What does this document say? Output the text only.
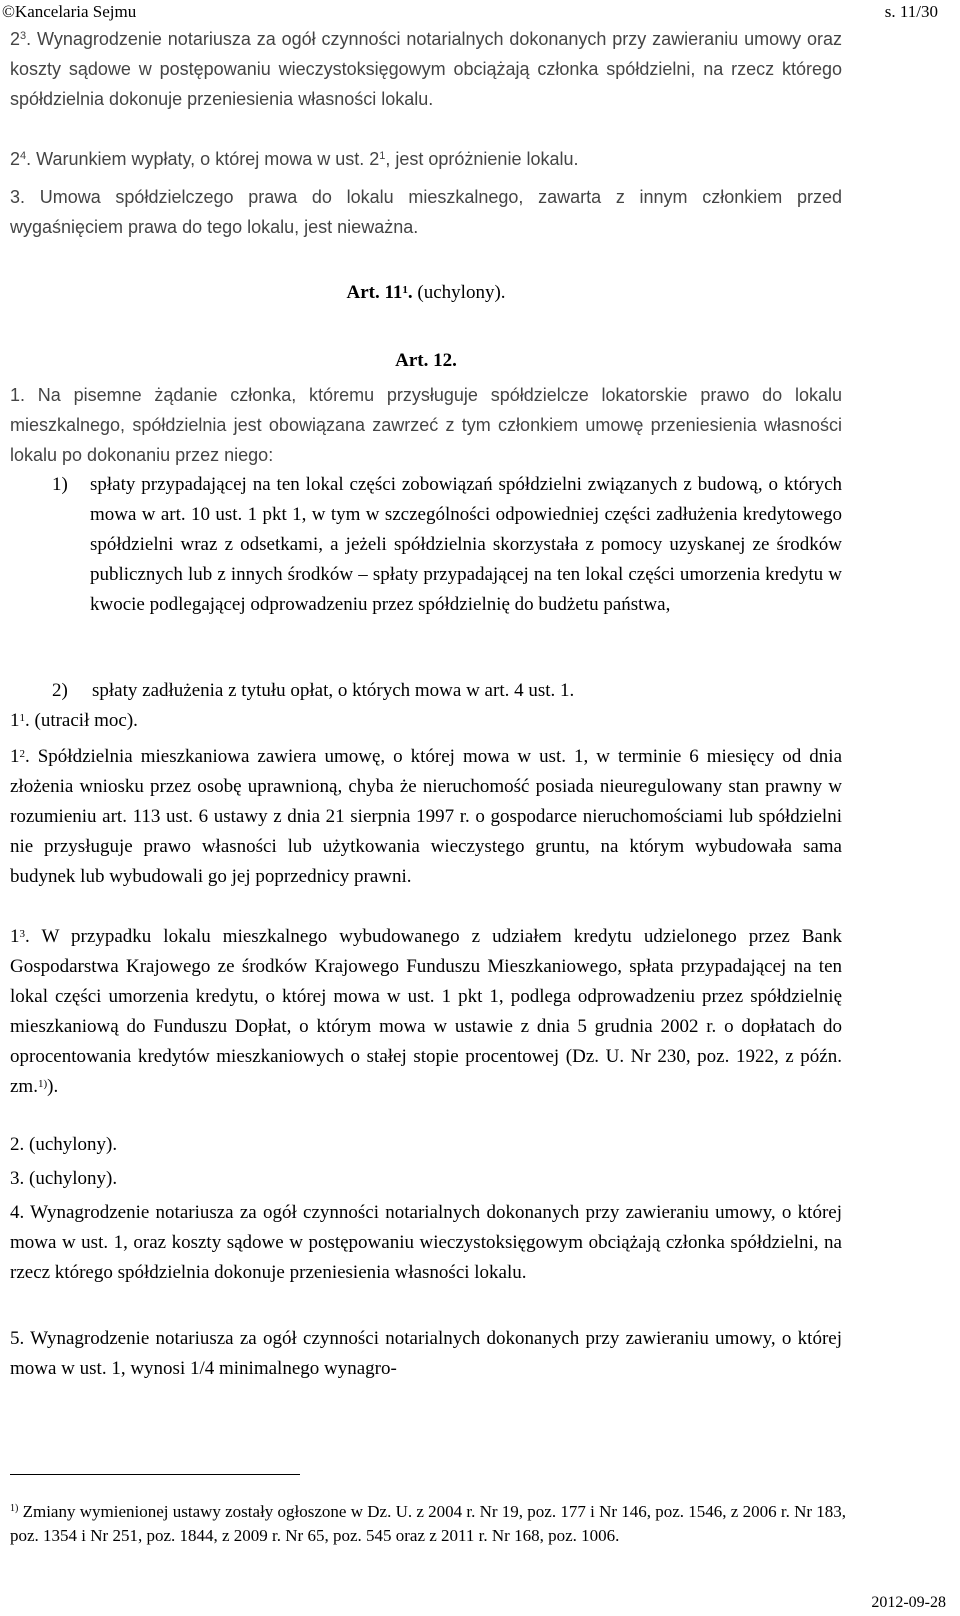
©Kancelaria Sejmu	s. 11/30
$2^3$. Wynagrodzenie notariusza za ogół czynności notarialnych dokonanych przy zawieraniu umowy oraz koszty sądowe w postępowaniu wieczystoksięgowym obciążają członka spółdzielni, na rzecz którego spółdzielnia dokonuje przeniesienia własności lokalu.
$2^4$. Warunkiem wypłaty, o której mowa w ust. $2^1$, jest opróżnienie lokalu.
3. Umowa spółdzielczego prawa do lokalu mieszkalnego, zawarta z innym członkiem przed wygaśnięciem prawa do tego lokalu, jest nieważna.
Art. $11^1$. (uchylony).
Art. 12.
1. Na pisemne żądanie członka, któremu przysługuje spółdzielcze lokatorskie prawo do lokalu mieszkalnego, spółdzielnia jest obowiązana zawrzeć z tym członkiem umowę przeniesienia własności lokalu po dokonaniu przez niego:
1) spłaty przypadającej na ten lokal części zobowiązań spółdzielni związanych z budową, o których mowa w art. 10 ust. 1 pkt 1, w tym w szczególności odpowiedniej części zadłużenia kredytowego spółdzielni wraz z odsetkami, a jeżeli spółdzielnia skorzystała z pomocy uzyskanej ze środków publicznych lub z innych środków – spłaty przypadającej na ten lokal części umorzenia kredytu w kwocie podlegającej odprowadzeniu przez spółdzielnię do budżetu państwa,
2) spłaty zadłużenia z tytułu opłat, o których mowa w art. 4 ust. 1.
$1^1$. (utracił moc).
$1^2$. Spółdzielnia mieszkaniowa zawiera umowę, o której mowa w ust. 1, w terminie 6 miesięcy od dnia złożenia wniosku przez osobę uprawnioną, chyba że nieruchomość posiada nieuregulowany stan prawny w rozumieniu art. 113 ust. 6 ustawy z dnia 21 sierpnia 1997 r. o gospodarce nieruchomościami lub spółdzielni nie przysługuje prawo własności lub użytkowania wieczystego gruntu, na którym wybudowała sama budynek lub wybudowali go jej poprzednicy prawni.
$1^3$. W przypadku lokalu mieszkalnego wybudowanego z udziałem kredytu udzielonego przez Bank Gospodarstwa Krajowego ze środków Krajowego Funduszu Mieszkaniowego, spłata przypadającej na ten lokal części umorzenia kredytu, o której mowa w ust. 1 pkt 1, podlega odprowadzeniu przez spółdzielnię mieszkaniową do Funduszu Dopłat, o którym mowa w ustawie z dnia 5 grudnia 2002 r. o dopłatach do oprocentowania kredytów mieszkaniowych o stałej stopie procentowej (Dz. U. Nr 230, poz. 1922, z późn. zm.$^{1)}$).
2. (uchylony).
3. (uchylony).
4. Wynagrodzenie notariusza za ogół czynności notarialnych dokonanych przy zawieraniu umowy, o której mowa w ust. 1, oraz koszty sądowe w postępowaniu wieczystoksięgowym obciążają członka spółdzielni, na rzecz którego spółdzielnia dokonuje przeniesienia własności lokalu.
5. Wynagrodzenie notariusza za ogół czynności notarialnych dokonanych przy zawieraniu umowy, o której mowa w ust. 1, wynosi 1/4 minimalnego wynagro-
$^{1)}$ Zmiany wymienionej ustawy zostały ogłoszone w Dz. U. z 2004 r. Nr 19, poz. 177 i Nr 146, poz. 1546, z 2006 r. Nr 183, poz. 1354 i Nr 251, poz. 1844, z 2009 r. Nr 65, poz. 545 oraz z 2011 r. Nr 168, poz. 1006.
2012-09-28
